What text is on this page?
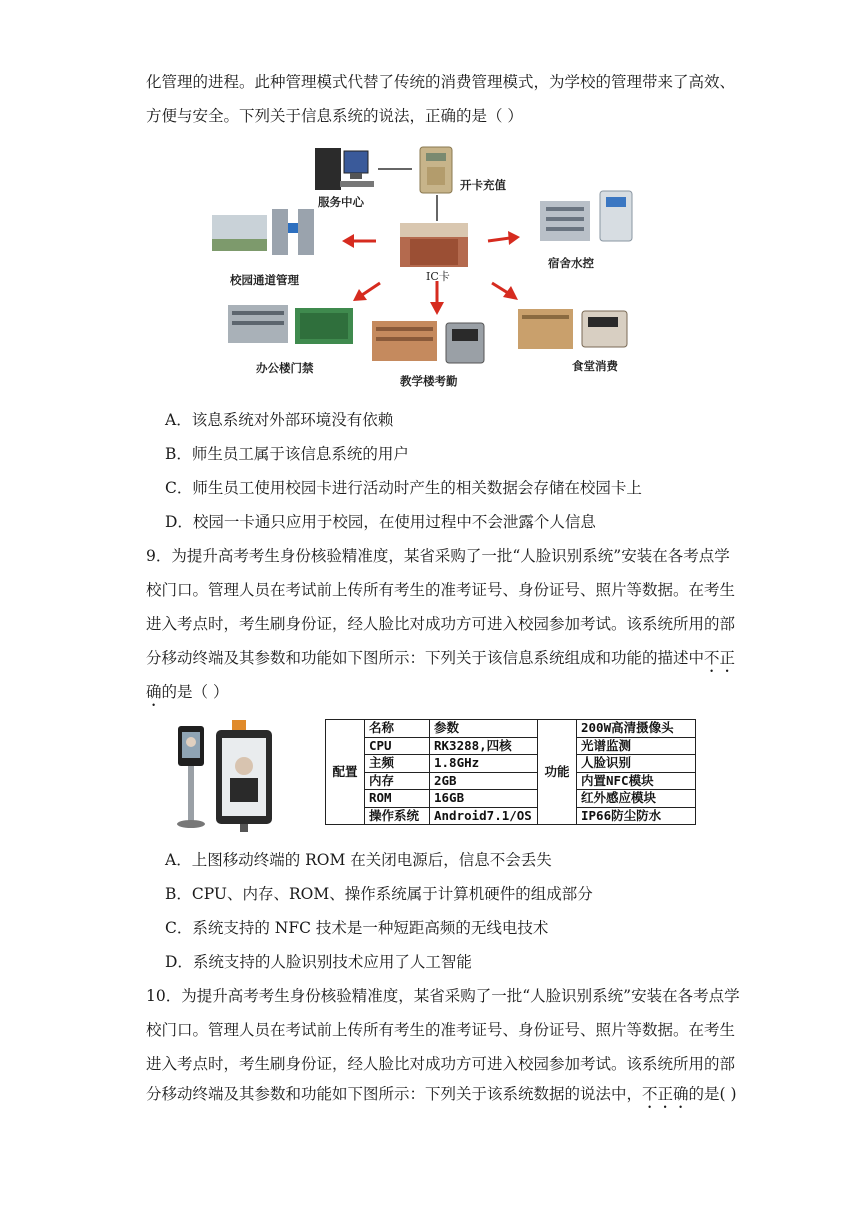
化管理的进程。此种管理模式代替了传统的消费管理模式，为学校的管理带来了高效、
方便与安全。下列关于信息系统的说法，正确的是（ ）
服务中心
开卡充值
IC卡
校园通道管理
宿舍水控
办公楼门禁
教学楼考勤
食堂消费
A．该息系统对外部环境没有依赖
B．师生员工属于该信息系统的用户
C．师生员工使用校园卡进行活动时产生的相关数据会存储在校园卡上
D．校园一卡通只应用于校园，在使用过程中不会泄露个人信息
9．为提升高考考生身份核验精准度，某省采购了一批“人脸识别系统”安装在各考点学
校门口。管理人员在考试前上传所有考生的准考证号、身份证号、照片等数据。在考生
进入考点时，考生刷身份证，经人脸比对成功方可进入校园参加考试。该系统所用的部
分移动终端及其参数和功能如下图所示：下列关于该信息系统组成和功能的描述中不正
确的是（ ）
配置	名称	参数	功能	200W高清摄像头
	CPU	RK3288,四核		光谱监测
	主频	1.8GHz		人脸识别
	内存	2GB		内置NFC模块
	ROM	16GB		红外感应模块
	操作系统	Android7.1/OS		IP66防尘防水
A．上图移动终端的 ROM 在关闭电源后，信息不会丢失
B．CPU、内存、ROM、操作系统属于计算机硬件的组成部分
C．系统支持的 NFC 技术是一种短距高频的无线电技术
D．系统支持的人脸识别技术应用了人工智能
10．为提升高考考生身份核验精准度，某省采购了一批“人脸识别系统”安装在各考点学
校门口。管理人员在考试前上传所有考生的准考证号、身份证号、照片等数据。在考生
进入考点时，考生刷身份证，经人脸比对成功方可进入校园参加考试。该系统所用的部
分移动终端及其参数和功能如下图所示：下列关于该系统数据的说法中，不正确的是( )
